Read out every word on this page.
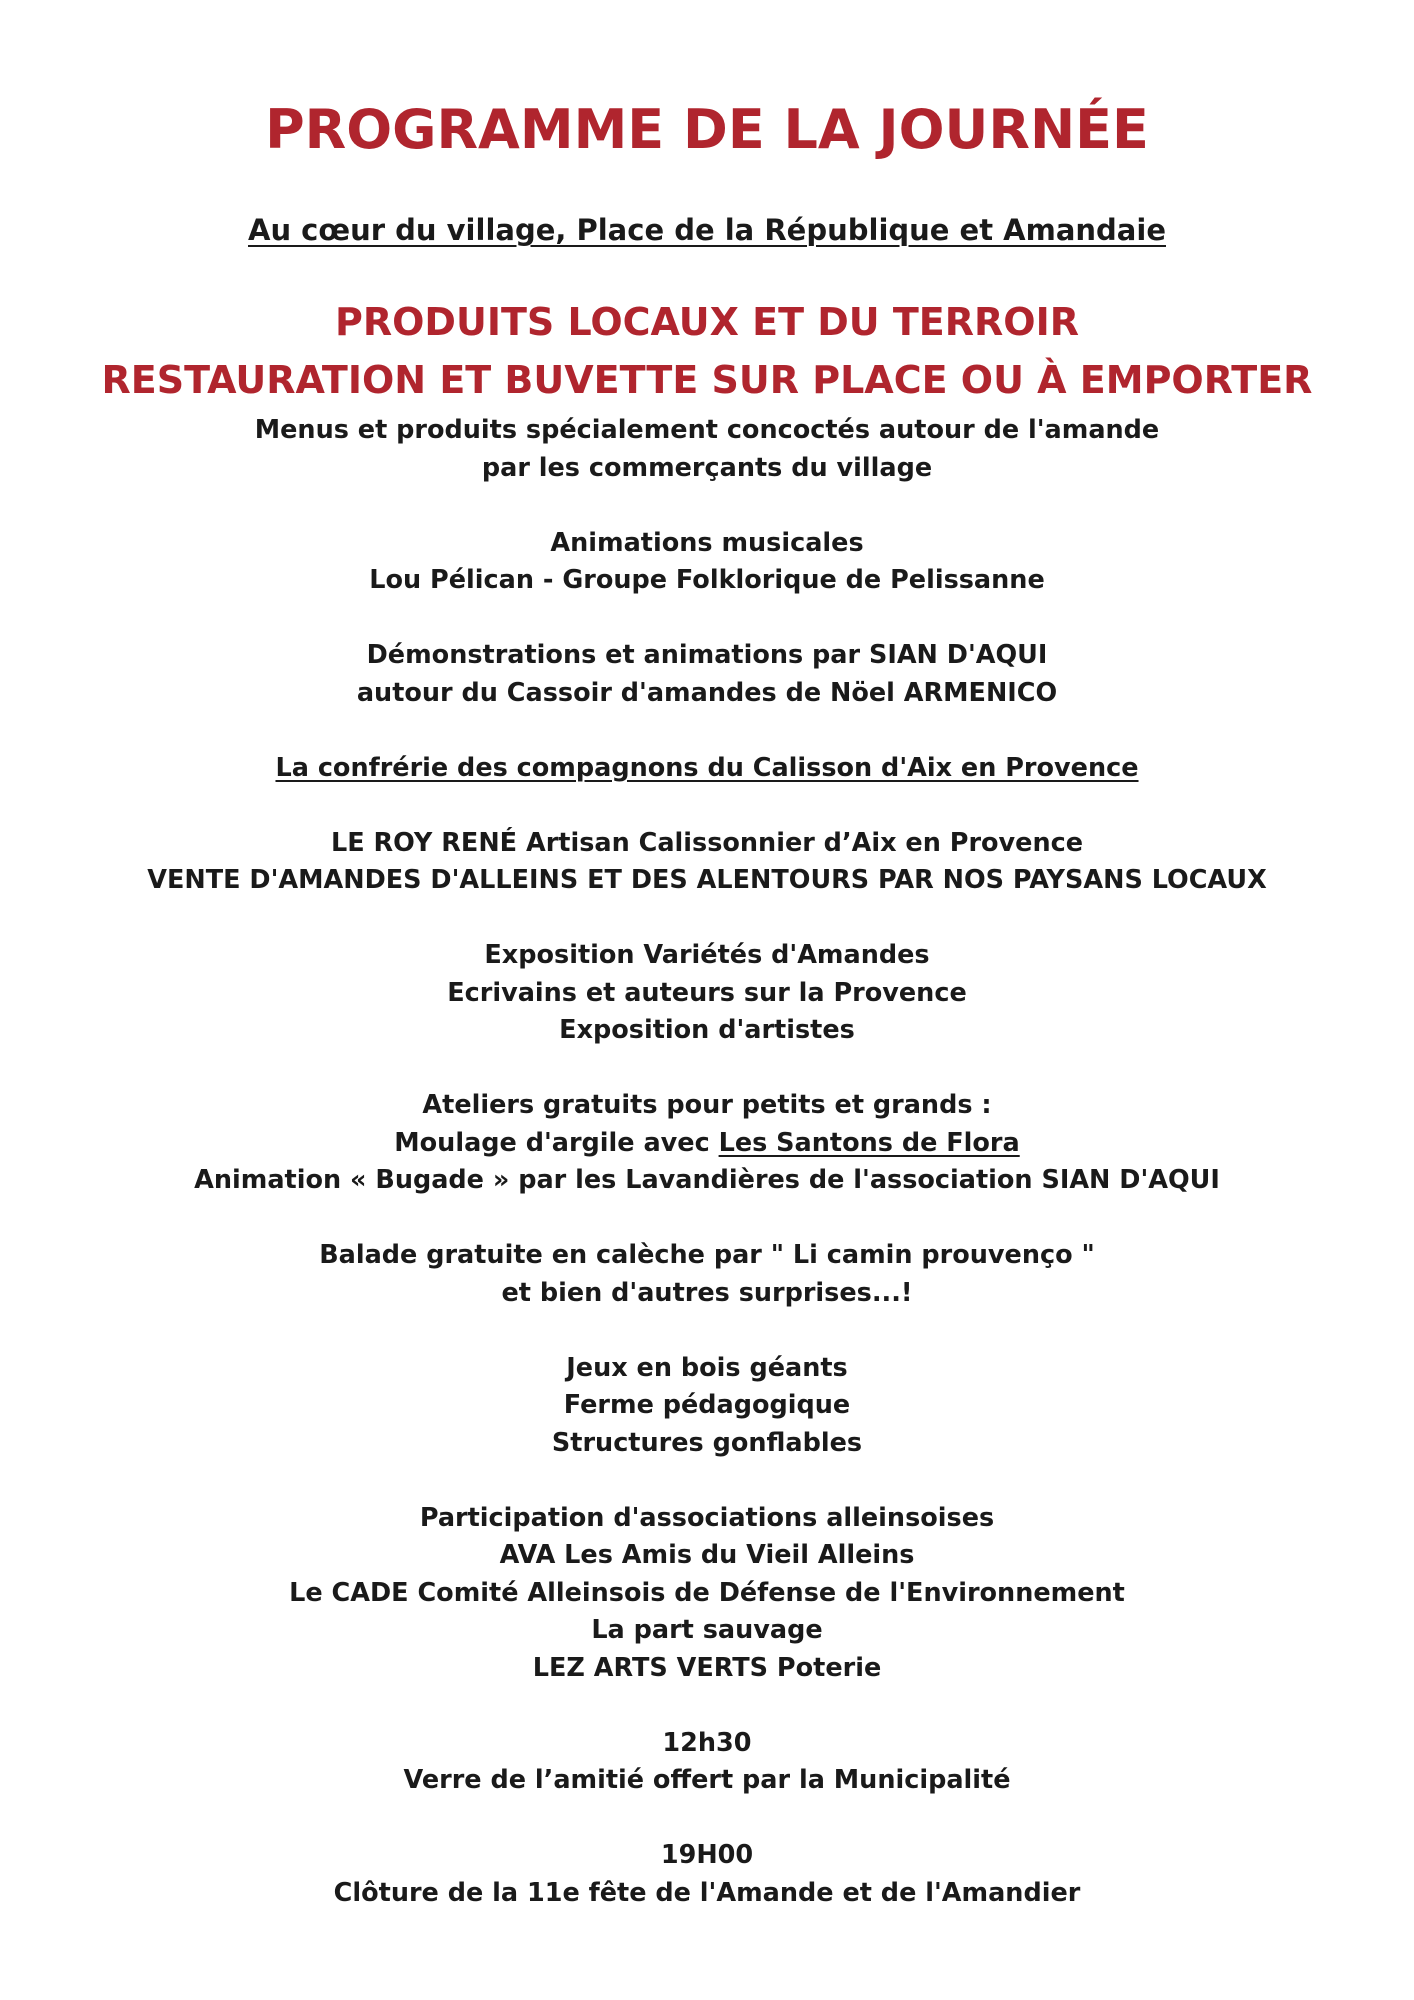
PROGRAMME DE LA JOURNÉE
Au cœur du village, Place de la République et Amandaie
PRODUITS LOCAUX ET DU TERROIR
RESTAURATION ET BUVETTE SUR PLACE OU À EMPORTER
Menus et produits spécialement concoctés autour de l'amande
par les commerçants du village
Animations musicales
Lou Pélican - Groupe Folklorique de Pelissanne
Démonstrations et animations par SIAN D'AQUI
autour du Cassoir d'amandes de Nöel ARMENICO
La confrérie des compagnons du Calisson d'Aix en Provence
LE ROY RENÉ Artisan Calissonnier d’Aix en Provence
VENTE D'AMANDES D'ALLEINS ET DES ALENTOURS PAR NOS PAYSANS LOCAUX
Exposition Variétés d'Amandes
Ecrivains et auteurs sur la Provence
Exposition d'artistes
Ateliers gratuits pour petits et grands :
Moulage d'argile avec Les Santons de Flora
Animation « Bugade » par les Lavandières de l'association SIAN D'AQUI
Balade gratuite en calèche par " Li camin prouvenço "
et bien d'autres surprises...!
Jeux en bois géants
Ferme pédagogique
Structures gonflables
Participation d'associations alleinsoises
AVA Les Amis du Vieil Alleins
Le CADE Comité Alleinsois de Défense de l'Environnement
La part sauvage
LEZ ARTS VERTS Poterie
12h30
Verre de l’amitié offert par la Municipalité
19H00
Clôture de la 11e fête de l'Amande et de l'Amandier
